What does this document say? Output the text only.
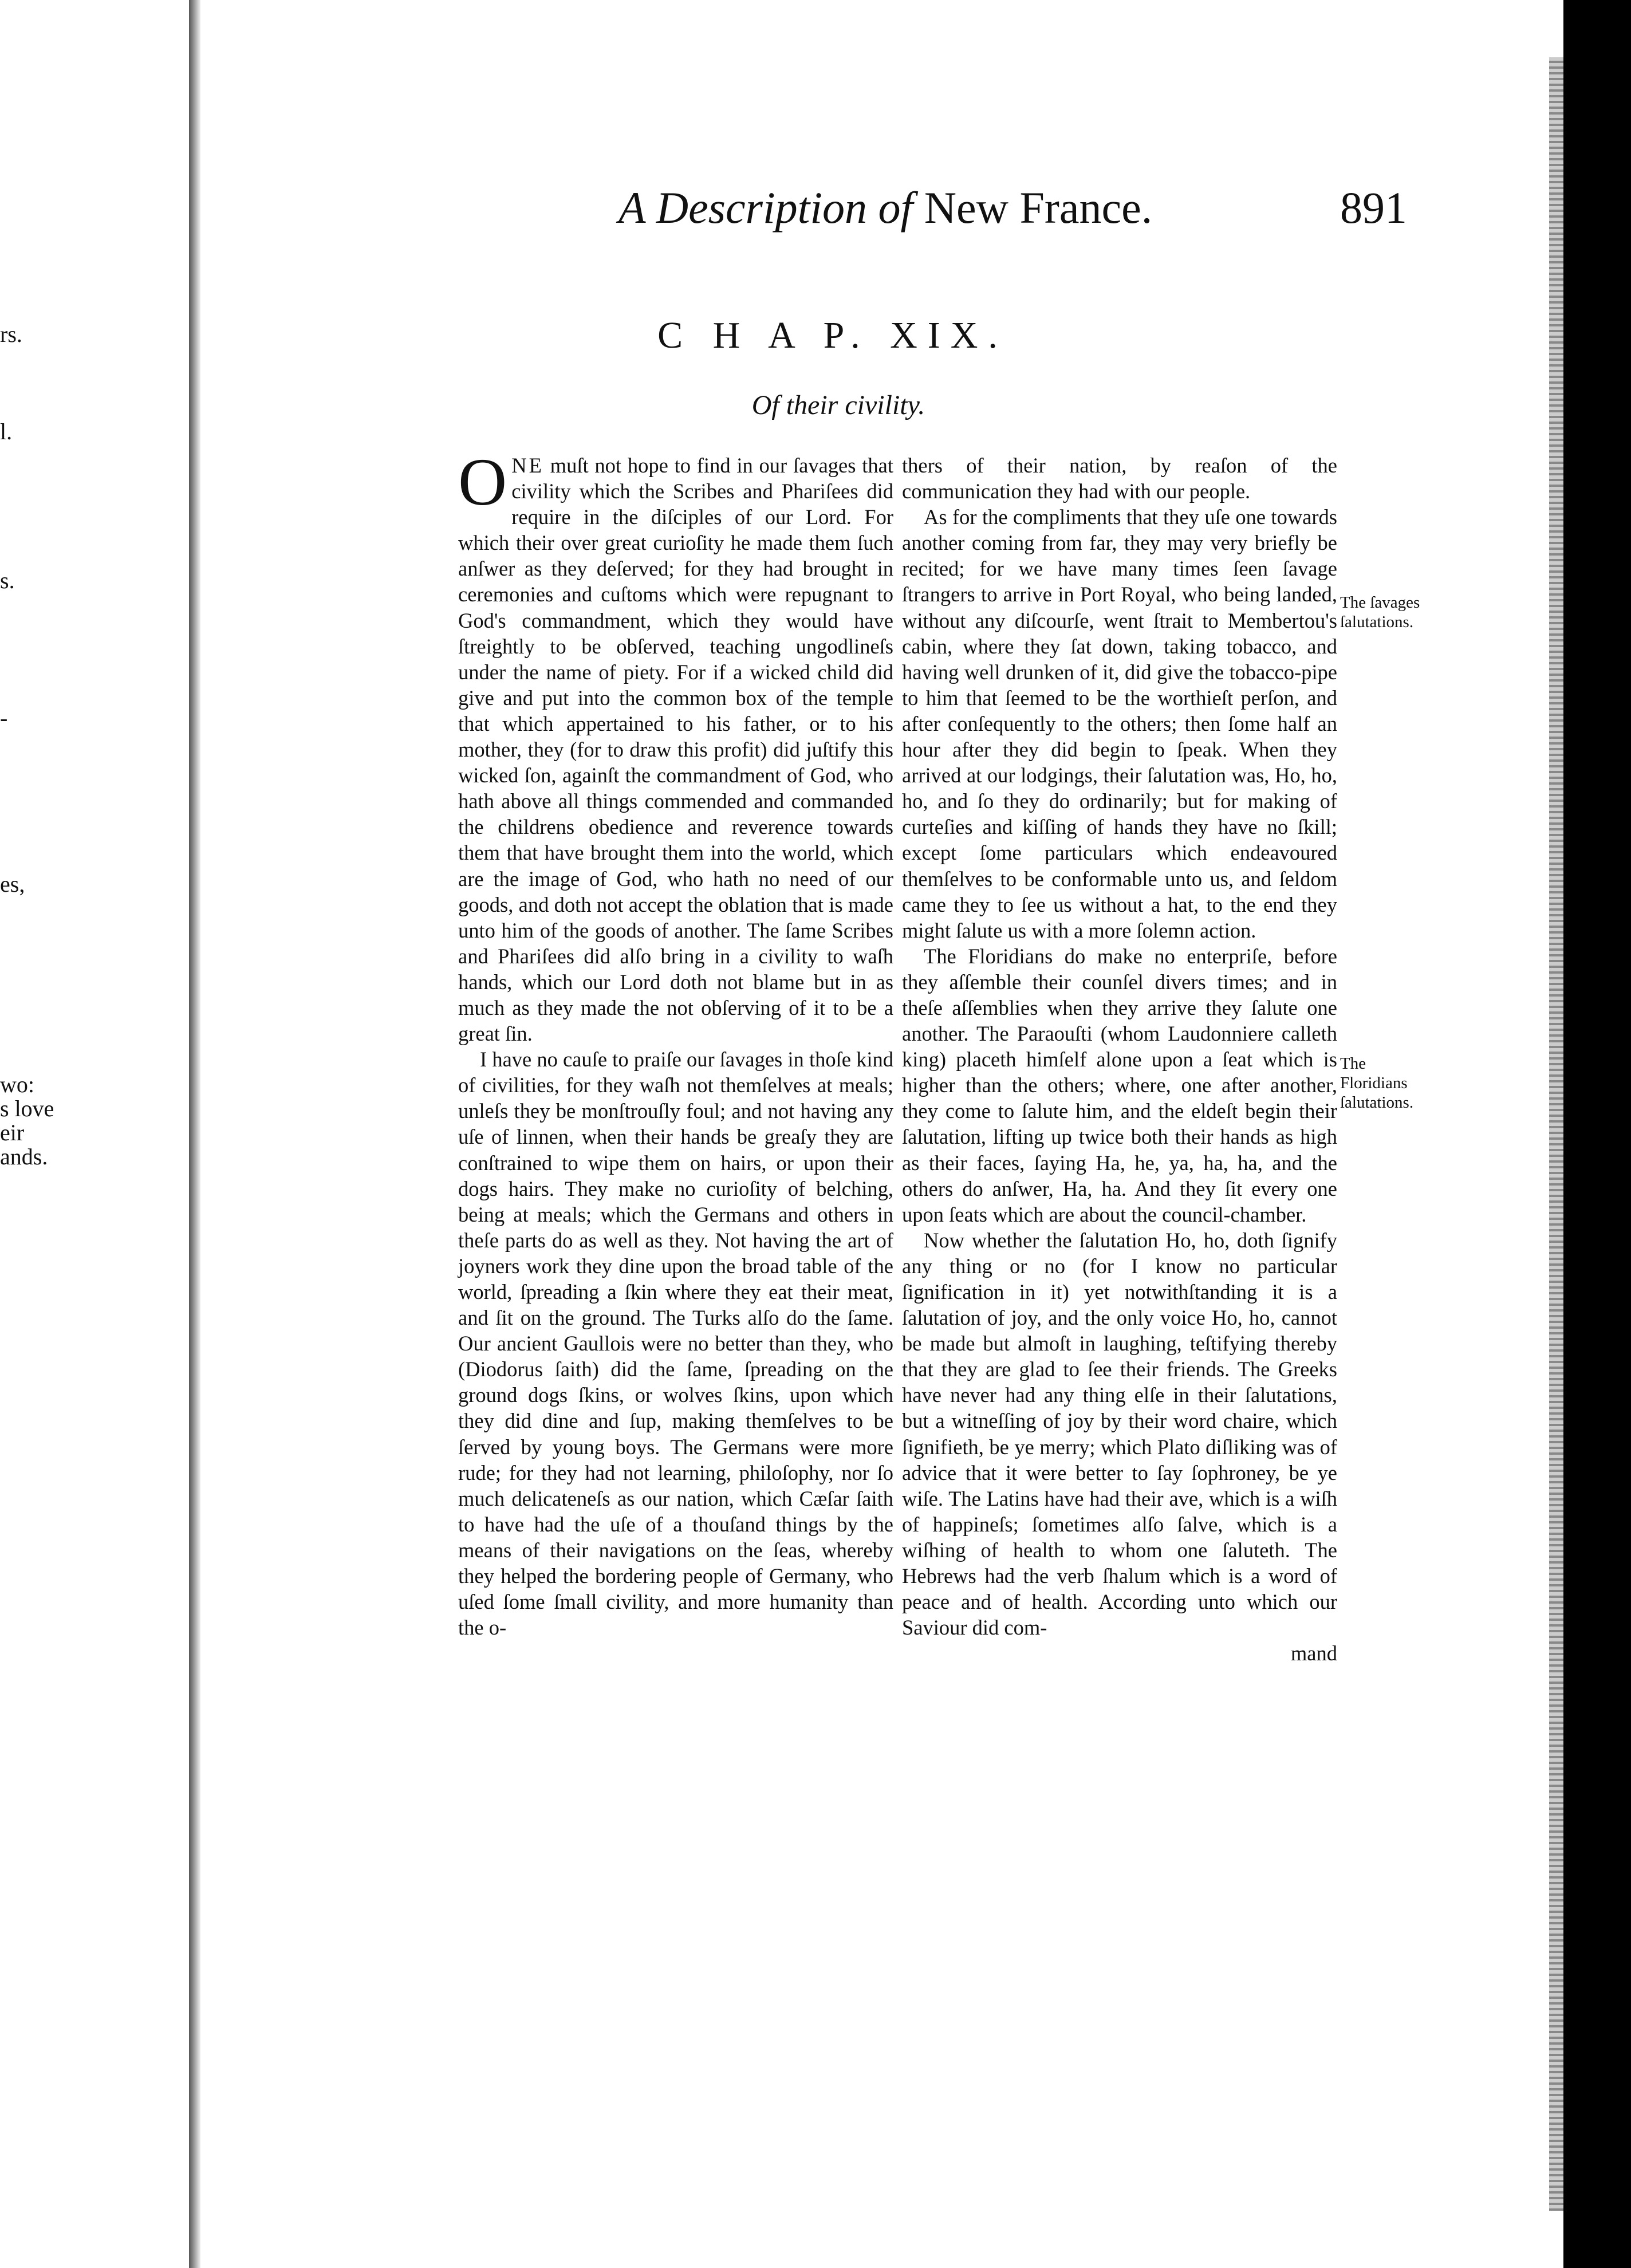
rs.
l.
s.
-
es,
wo:
s love
eir
ands.
A Description of New France.	891
C H A P. XIX.
Of their civility.

ONE muſt not hope to find in our ſavages that civility which the Scribes and Phariſees did require in the diſciples of our Lord. For which their over great curioſity he made them ſuch anſwer as they deſerved; for they had brought in ceremonies and cuſtoms which were repugnant to God's commandment, which they would have ſtreightly to be obſerved, teaching ungodlineſs under the name of piety. For if a wicked child did give and put into the common box of the temple that which appertained to his father, or to his mother, they (for to draw this profit) did juſtify this wicked ſon, againſt the commandment of God, who hath above all things commended and commanded the childrens obedience and reverence towards them that have brought them into the world, which are the image of God, who hath no need of our goods, and doth not accept the oblation that is made unto him of the goods of another. The ſame Scribes and Phariſees did alſo bring in a civility to waſh hands, which our Lord doth not blame but in as much as they made the not obſerving of it to be a great ſin.

I have no cauſe to praiſe our ſavages in thoſe kind of civilities, for they waſh not themſelves at meals; unleſs they be monſtrouſly foul; and not having any uſe of linnen, when their hands be greaſy they are conſtrained to wipe them on hairs, or upon their dogs hairs. They make no curioſity of belching, being at meals; which the Germans and others in theſe parts do as well as they. Not having the art of joyners work they dine upon the broad table of the world, ſpreading a ſkin where they eat their meat, and ſit on the ground. The Turks alſo do the ſame. Our ancient Gaullois were no better than they, who (Diodorus ſaith) did the ſame, ſpreading on the ground dogs ſkins, or wolves ſkins, upon which they did dine and ſup, making themſelves to be ſerved by young boys. The Germans were more rude; for they had not learning, philoſophy, nor ſo much delicateneſs as our nation, which Cæſar ſaith to have had the uſe of a thouſand things by the means of their navigations on the ſeas, whereby they helped the bordering people of Germany, who uſed ſome ſmall civility, and more humanity than the o-

thers of their nation, by reaſon of the communication they had with our people.

As for the compliments that they uſe one towards another coming from far, they may very briefly be recited; for we have many times ſeen ſavage ſtrangers to arrive in Port Royal, who being landed, without any diſcourſe, went ſtrait to Membertou's cabin, where they ſat down, taking tobacco, and having well drunken of it, did give the tobacco-pipe to him that ſeemed to be the worthieſt perſon, and after conſequently to the others; then ſome half an hour after they did begin to ſpeak. When they arrived at our lodgings, their ſalutation was, Ho, ho, ho, and ſo they do ordinarily; but for making of curteſies and kiſſing of hands they have no ſkill; except ſome particulars which endeavoured themſelves to be conformable unto us, and ſeldom came they to ſee us without a hat, to the end they might ſalute us with a more ſolemn action.

The Floridians do make no enterpriſe, before they aſſemble their counſel divers times; and in theſe aſſemblies when they arrive they ſalute one another. The Paraouſti (whom Laudonniere calleth king) placeth himſelf alone upon a ſeat which is higher than the others; where, one after another, they come to ſalute him, and the eldeſt begin their ſalutation, lifting up twice both their hands as high as their faces, ſaying Ha, he, ya, ha, ha, and the others do anſwer, Ha, ha. And they ſit every one upon ſeats which are about the council-chamber.

Now whether the ſalutation Ho, ho, doth ſignify any thing or no (for I know no particular ſignification in it) yet notwithſtanding it is a ſalutation of joy, and the only voice Ho, ho, cannot be made but almoſt in laughing, teſtifying thereby that they are glad to ſee their friends. The Greeks have never had any thing elſe in their ſalutations, but a witneſſing of joy by their word chaire, which ſignifieth, be ye merry; which Plato diſliking was of advice that it were better to ſay ſophroney, be ye wiſe. The Latins have had their ave, which is a wiſh of happineſs; ſometimes alſo ſalve, which is a wiſhing of health to whom one ſaluteth. The Hebrews had the verb ſhalum which is a word of peace and of health. According unto which our Saviour did com-

mand
The ſavages ſalutations.
The Floridians ſalutations.
